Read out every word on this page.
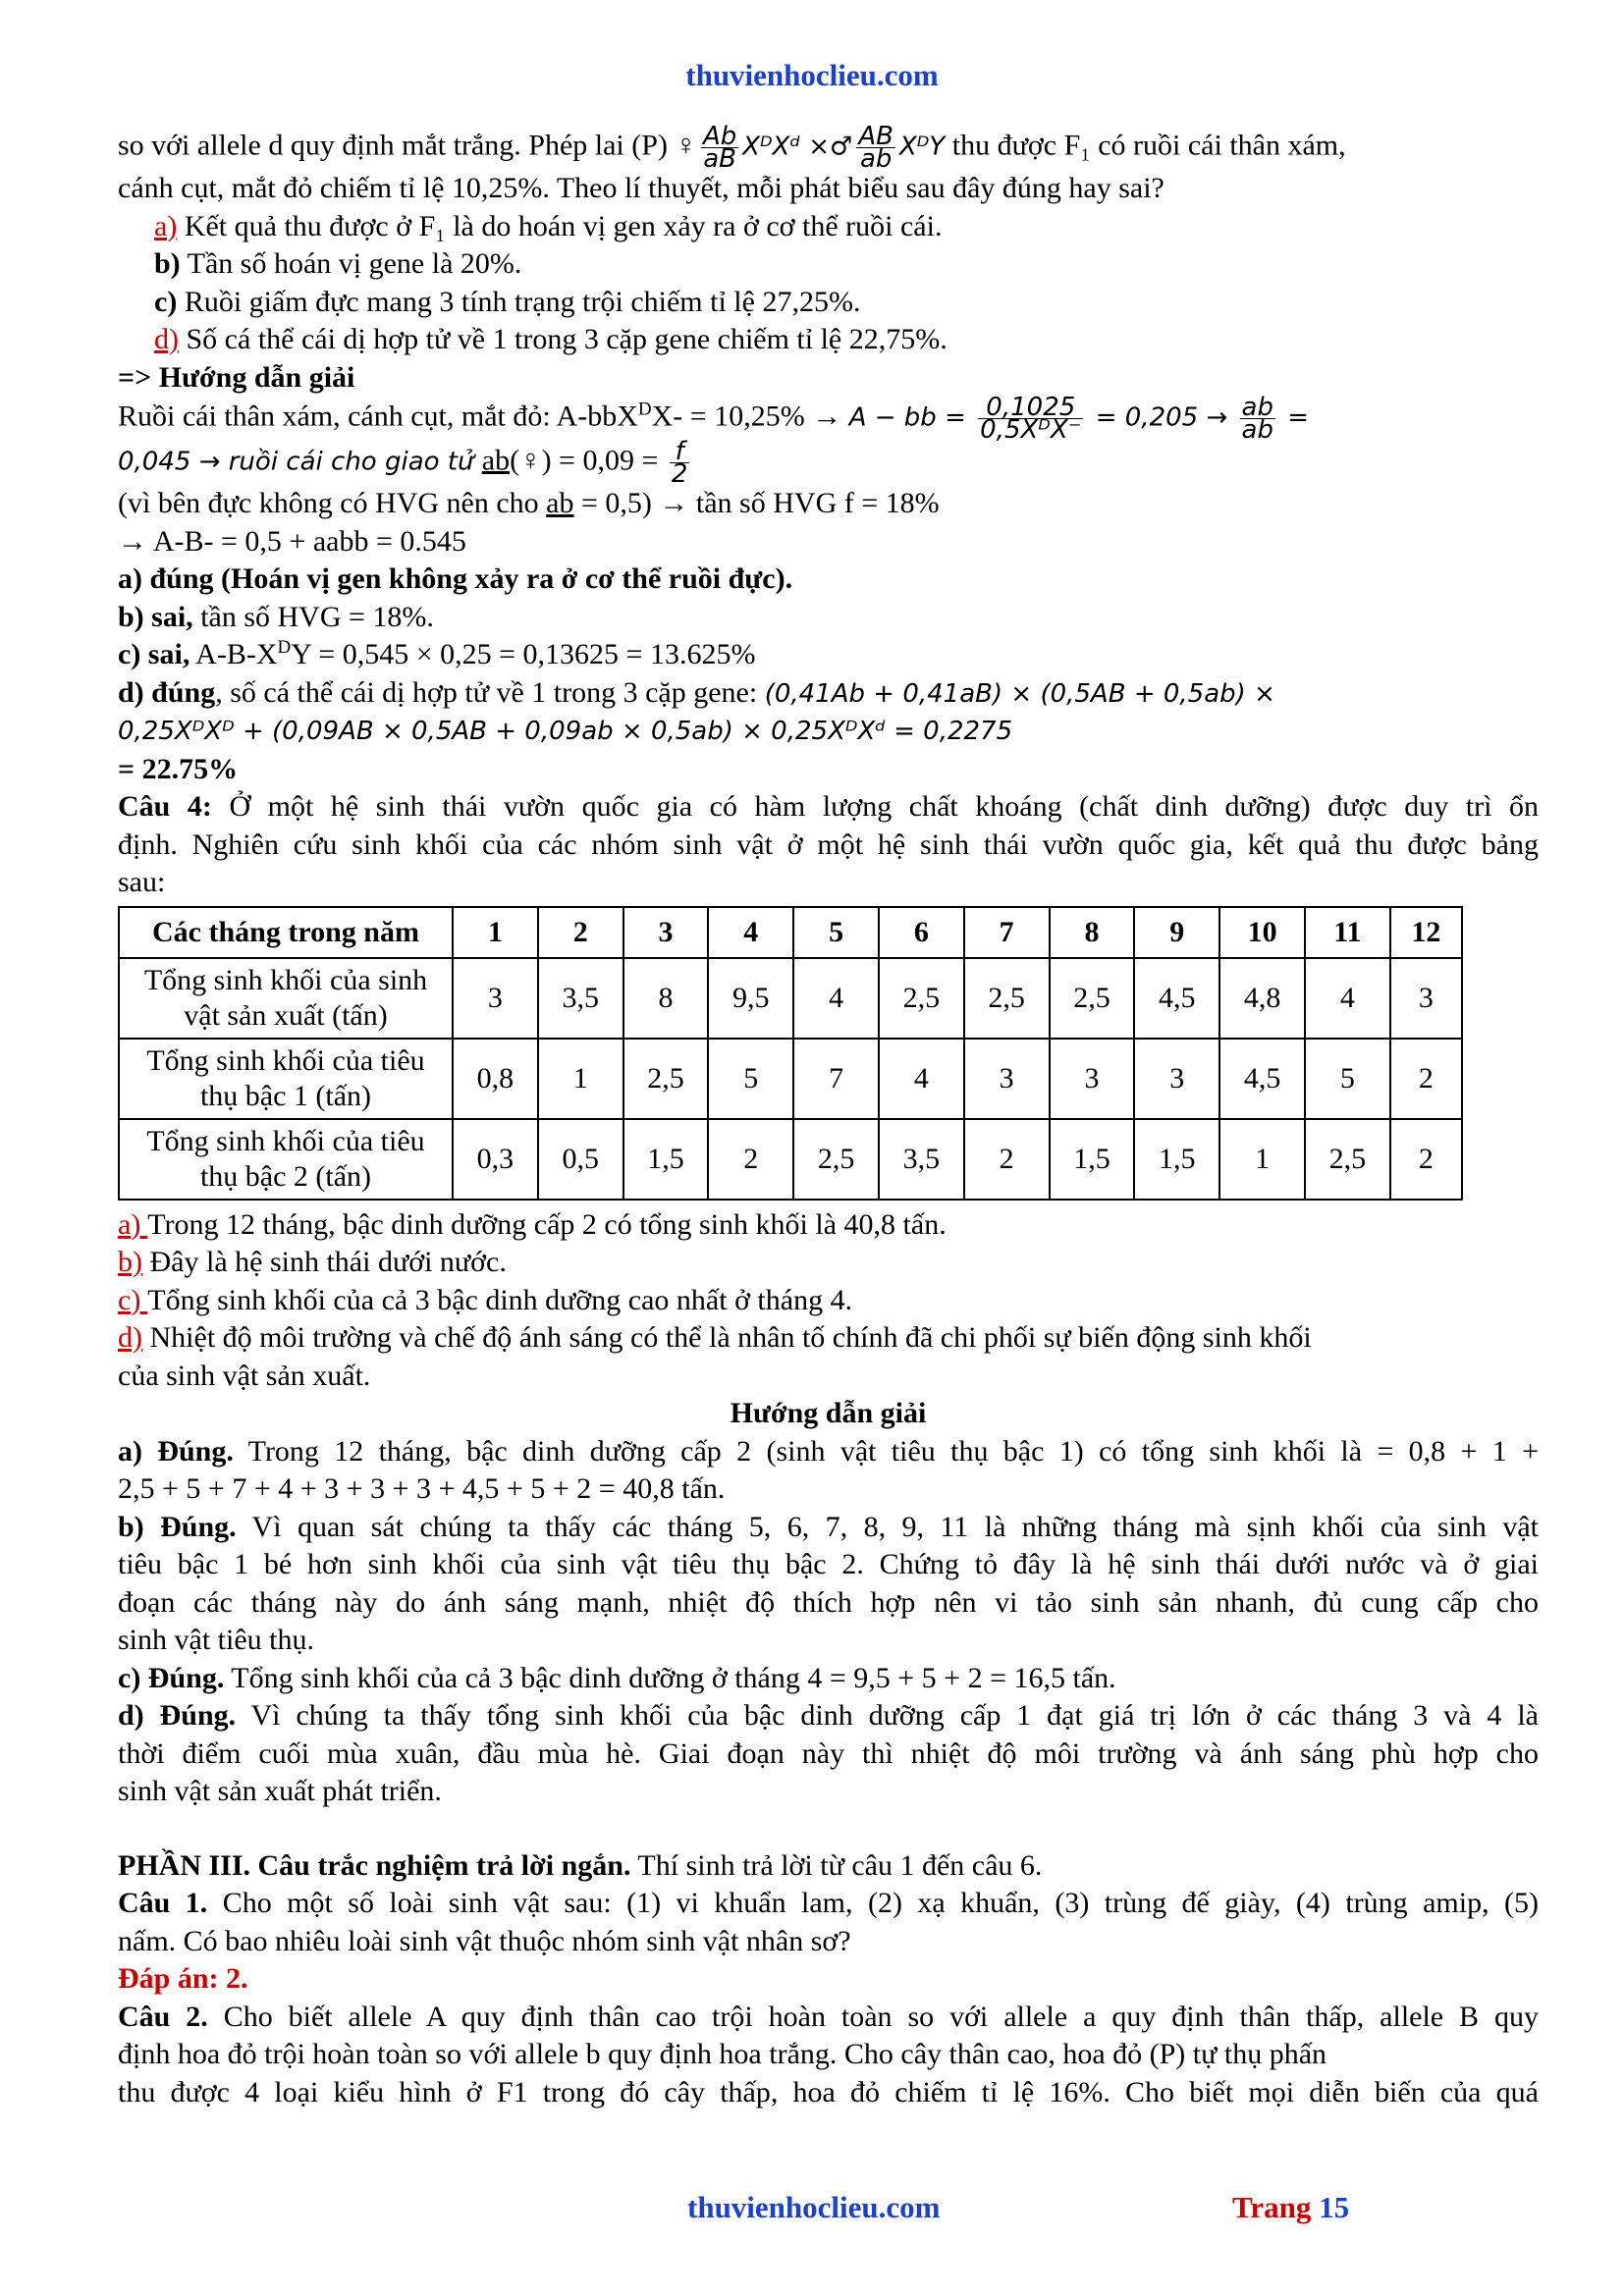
thuvienhoclieu.com
so với allele d quy định mắt trắng. Phép lai (P) ♀ $\frac{Ab}{aB}$ XᴰXᵈ ×♂ $\frac{AB}{ab}$ XᴰY thu được F₁ có ruồi cái thân xám,
cánh cụt, mắt đỏ chiếm tỉ lệ 10,25%. Theo lí thuyết, mỗi phát biểu sau đây đúng hay sai?
a) Kết quả thu được ở F₁ là do hoán vị gen xảy ra ở cơ thể ruồi cái.
b) Tần số hoán vị gene là 20%.
c) Ruồi giấm đực mang 3 tính trạng trội chiếm tỉ lệ 27,25%.
d) Số cá thể cái dị hợp tử về 1 trong 3 cặp gene chiếm tỉ lệ 22,75%.
=> Hướng dẫn giải
Ruồi cái thân xám, cánh cụt, mắt đỏ: A-bbX$^D$X- = 10,25% → A − bb = $\frac{0,1025}{\text{0,5XᴰX⁻}} = 0,205 \to \frac{ab}{ab}$ =
0,045 → ruồi cái cho giao tử ab(♀) = $0,09 = \frac{f}{2}$
(vì bên đực không có HVG nên cho ab = 0,5) → tần số HVG f = 18%
→ A-B- = 0,5 + aabb = 0.545
a) đúng (Hoán vị gen không xảy ra ở cơ thể ruồi đực).
b) sai, tần số HVG = 18%.
c) sai, $A-B-X^DY = 0,545 \times 0,25 = 0,13625 = 13.625\%$
d) đúng, số cá thể cái dị hợp tử về 1 trong 3 cặp gene: (0,41Ab + 0,41aB) × (0,5AB + 0,5ab) ×
0,25XᴰXᴰ + (0,09AB × 0,5AB + 0,09ab × 0,5ab) × 0,25XᴰXᵈ = 0,2275
= 22.75%
Câu 4: Ở một hệ sinh thái vườn quốc gia có hàm lượng chất khoáng (chất dinh dưỡng) được duy trì ổn
định. Nghiên cứu sinh khối của các nhóm sinh vật ở một hệ sinh thái vườn quốc gia, kết quả thu được bảng
sau:
Các tháng trong năm	1	2	3	4	5	6	7	8	9	10	11	12
Tổng sinh khối của sinh
vật sản xuất (tấn)	3	3,5	8	9,5	4	2,5	2,5	2,5	4,5	4,8	4	3
Tổng sinh khối của tiêu
thụ bậc 1 (tấn)	0,8	1	2,5	5	7	4	3	3	3	4,5	5	2
Tổng sinh khối của tiêu
thụ bậc 2 (tấn)	0,3	0,5	1,5	2	2,5	3,5	2	1,5	1,5	1	2,5	2
a) Trong 12 tháng, bậc dinh dưỡng cấp 2 có tổng sinh khối là 40,8 tấn.
b) Đây là hệ sinh thái dưới nước.
c) Tổng sinh khối của cả 3 bậc dinh dưỡng cao nhất ở tháng 4.
d) Nhiệt độ môi trường và chế độ ánh sáng có thể là nhân tố chính đã chi phối sự biến động sinh khối
của sinh vật sản xuất.
Hướng dẫn giải
a) Đúng. Trong 12 tháng, bậc dinh dưỡng cấp 2 (sinh vật tiêu thụ bậc 1) có tổng sinh khối là = 0,8 + 1 +
2,5 + 5 + 7 + 4 + 3 + 3 + 3 + 4,5 + 5 + 2 = 40,8 tấn.
b) Đúng. Vì quan sát chúng ta thấy các tháng 5, 6, 7, 8, 9, 11 là những tháng mà sịnh khối của sinh vật
tiêu bậc 1 bé hơn sinh khối của sinh vật tiêu thụ bậc 2. Chứng tỏ đây là hệ sinh thái dưới nước và ở giai
đoạn các tháng này do ánh sáng mạnh, nhiệt độ thích hợp nên vi tảo sinh sản nhanh, đủ cung cấp cho
sinh vật tiêu thụ.
c) Đúng. Tổng sinh khối của cả 3 bậc dinh dưỡng ở tháng 4 = 9,5 + 5 + 2 = 16,5 tấn.
d) Đúng. Vì chúng ta thấy tổng sinh khối của bậc dinh dưỡng cấp 1 đạt giá trị lớn ở các tháng 3 và 4 là
thời điểm cuối mùa xuân, đầu mùa hè. Giai đoạn này thì nhiệt độ môi trường và ánh sáng phù hợp cho
sinh vật sản xuất phát triển.
PHẦN III. Câu trắc nghiệm trả lời ngắn. Thí sinh trả lời từ câu 1 đến câu 6.
Câu 1. Cho một số loài sinh vật sau: (1) vi khuẩn lam, (2) xạ khuẩn, (3) trùng đế giày, (4) trùng amip, (5)
nấm. Có bao nhiêu loài sinh vật thuộc nhóm sinh vật nhân sơ?
Đáp án: 2.
Câu 2. Cho biết allele A quy định thân cao trội hoàn toàn so với allele a quy định thân thấp, allele B quy
định hoa đỏ trội hoàn toàn so với allele b quy định hoa trắng. Cho cây thân cao, hoa đỏ (P) tự thụ phấn
thu được 4 loại kiểu hình ở F1 trong đó cây thấp, hoa đỏ chiếm tỉ lệ 16%. Cho biết mọi diễn biến của quá
thuvienhoclieu.com	Trang 15
